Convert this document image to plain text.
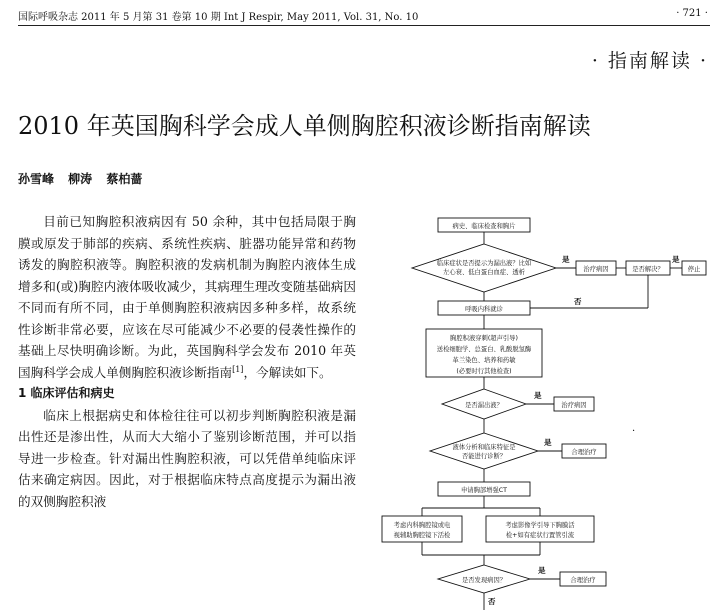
国际呼吸杂志 2011 年 5 月第 31 卷第 10 期 Int J Respir, May 2011, Vol. 31, No. 10	· 721 ·
· 指南解读 ·
2010 年英国胸科学会成人单侧胸腔积液诊断指南解读
孙雪峰 柳涛 蔡柏蔷

目前已知胸腔积液病因有 50 余种，其中包括局限于胸膜或原发于肺部的疾病、系统性疾病、脏器功能异常和药物诱发的胸腔积液等。胸腔积液的发病机制为胸腔内液体生成增多和(或)胸腔内液体吸收减少，其病理生理改变随基础病因不同而有所不同，由于单侧胸腔积液病因多种多样，故系统性诊断非常必要，应该在尽可能减少不必要的侵袭性操作的基础上尽快明确诊断。为此，英国胸科学会发布 2010 年英国胸科学会成人单侧胸腔积液诊断指南[1]，今解读如下。

1 临床评估和病史

临床上根据病史和体检往往可以初步判断胸腔积液是漏出性还是渗出性，从而大大缩小了鉴别诊断范围，并可以指导进一步检查。针对漏出性胸腔积液，可以凭借单纯临床评估来确定病因。因此，对于根据临床特点高度提示为漏出液的双侧胸腔积液

·
病史、临床检查和胸片
临床症状是否提示为漏出液？比如
左心衰、低白蛋白血症、透析
是
治疗病因	是否解决？
是
停止
否
呼吸内科就诊
胸腔积液穿刺(超声引导)
送检细胞学、总蛋白、乳酸脱氢酶
革兰染色、培养和药敏
(必要时行其他检查)
是否漏出液？
是
治疗病因
液体分析和临床特征是
否能进行诊断？
是
合理治疗
申请胸部增强CT
考虑内科胸腔镜或电
视辅助胸腔镜下活检
考虑影像学引导下胸膜活
检+如有症状行置管引流
是否发现病因？
是
合理治疗
否
